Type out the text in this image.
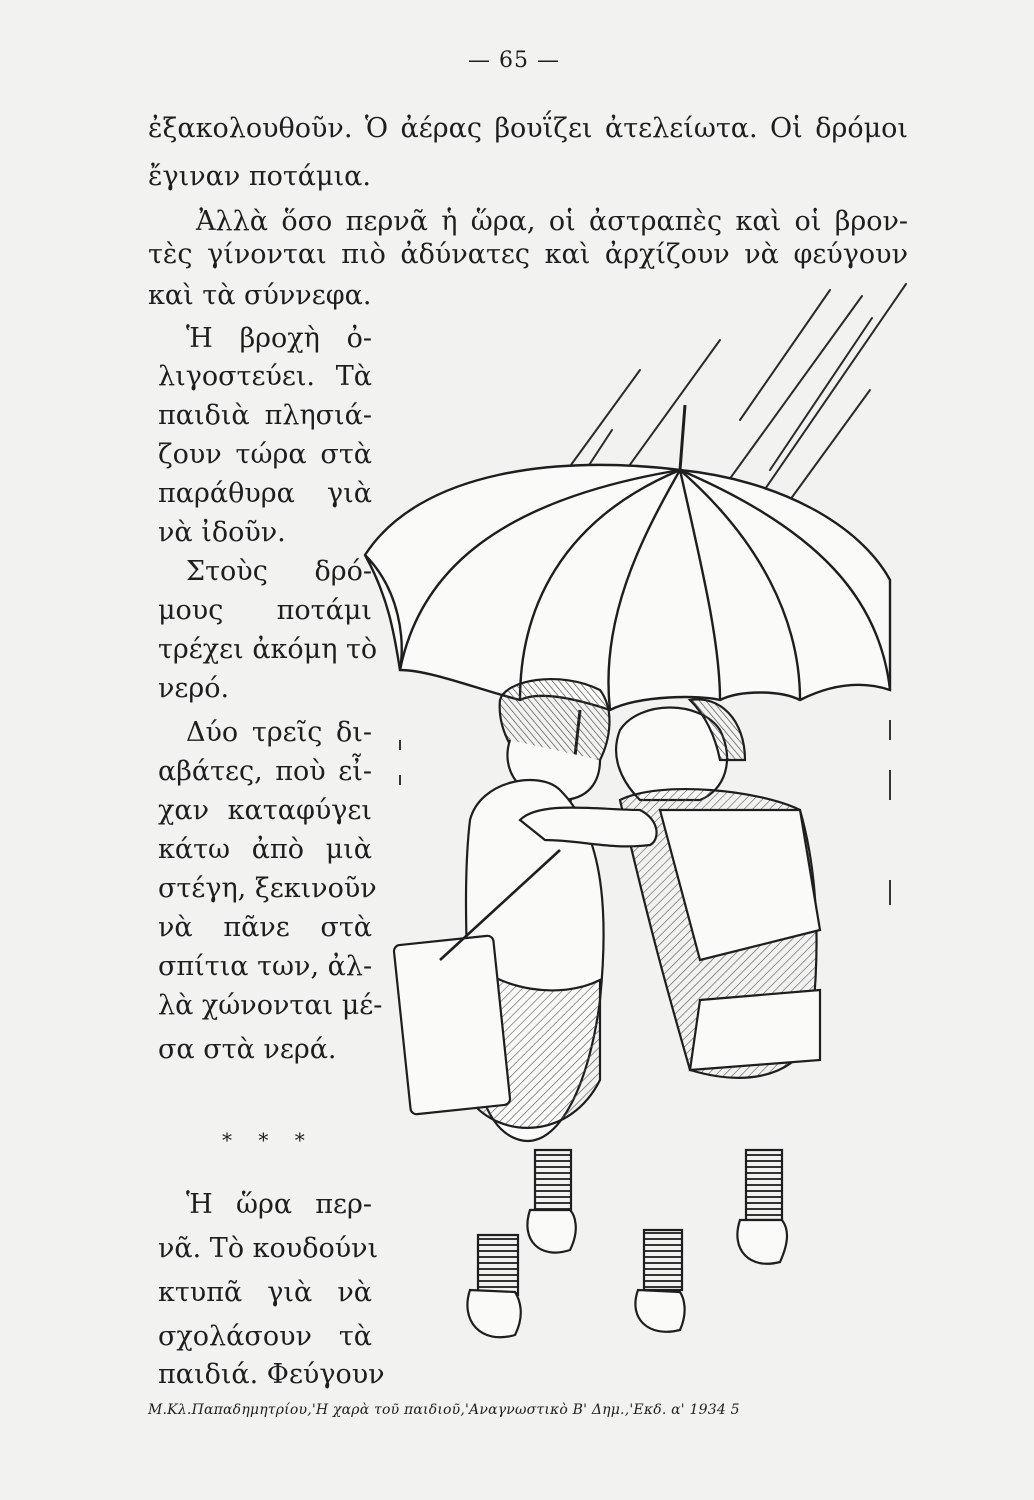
— 65 —
ἐξακολουθοῦν. Ὁ ἀέρας βουΐζει ἀτελείωτα. Οἱ δρόμοι
ἔγιναν ποτάμια.
Ἀλλὰ ὅσο περνᾶ ἡ ὥρα, οἱ ἀστραπὲς καὶ οἱ βρον-
τὲς γίνονται πιὸ ἀδύνατες καὶ ἀρχίζουν νὰ φεύγουν
καὶ τὰ σύννεφα.
Ἡ βροχὴ ὀ-
λιγοστεύει. Τὰ
παιδιὰ πλησιά-
ζουν τώρα στὰ
παράθυρα γιὰ
νὰ ἰδοῦν.
Στοὺς δρό-
μους ποτάμι
τρέχει ἀκόμη τὸ
νερό.
Δύο τρεῖς δι-
αβάτες, ποὺ εἶ-
χαν καταφύγει
κάτω ἀπὸ μιὰ
στέγη, ξεκινοῦν
νὰ πᾶνε στὰ
σπίτια των, ἀλ-
λὰ χώνονται μέ-
σα στὰ νερά.
* * *
Ἡ ὥρα περ-
νᾶ. Τὸ κουδούνι
κτυπᾶ γιὰ νὰ
σχολάσουν τὰ
παιδιά. Φεύγουν
Μ.Κλ.Παπαδημητρίου,'Η χαρὰ τοῦ παιδιοῦ,'Αναγνωστικὸ Β' Δημ.,'Εκδ. α' 1934 5
